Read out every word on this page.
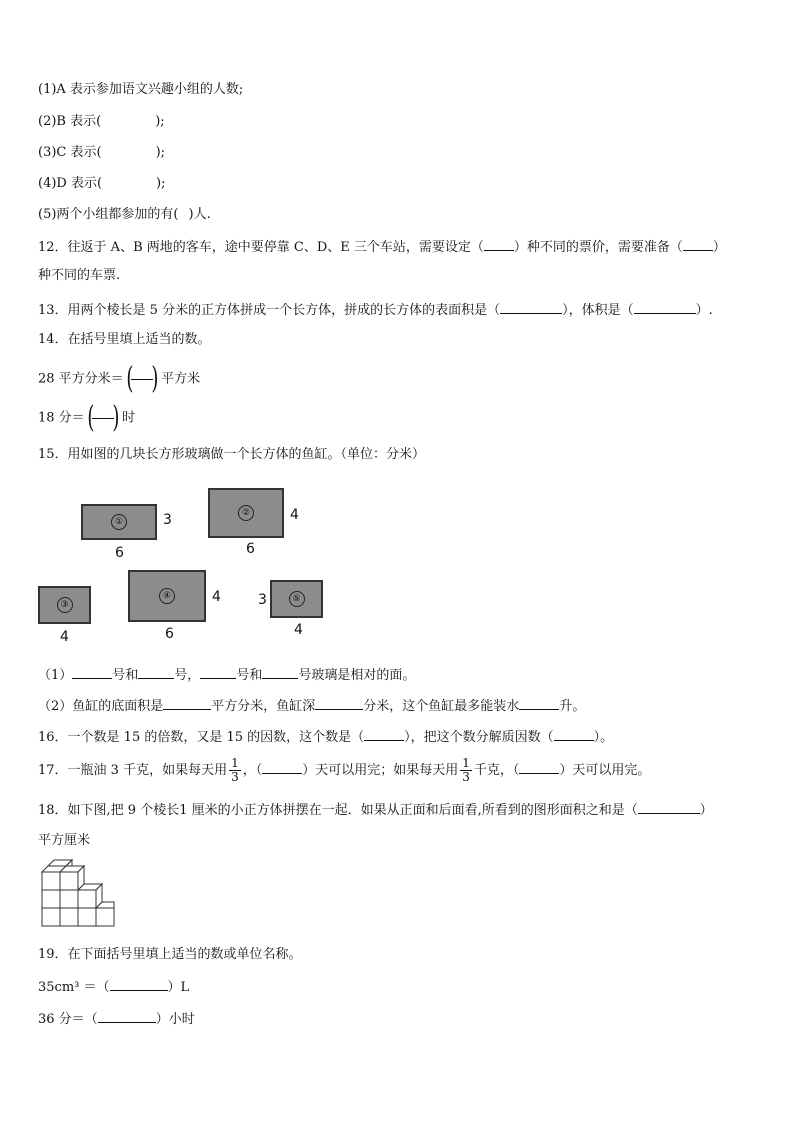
(1)A 表示参加语文兴趣小组的人数;
(2)B 表示(	);
(3)C 表示(	);
(4)D 表示(	);
(5)两个小组都参加的有( )人.
12．往返于 A、B 两地的客车，途中要停靠 C、D、E 三个车站，需要设定（ ）种不同的票价，需要准备（ ）
种不同的车票.
13．用两个棱长是 5 分米的正方体拼成一个长方体，拼成的长方体的表面积是（	），体积是（	）.
14．在括号里填上适当的数。
28 平方分米＝( ) 平方米
18 分＝( ) 时
15．用如图的几块长方形玻璃做一个长方体的鱼缸。（单位：分米）
①	3
6
②	4
6
③
4
④	4
6
⑤
3
4
（1）	号和	号，	号和	号玻璃是相对的面。
（2）鱼缸的底面积是	平方分米，鱼缸深	分米，这个鱼缸最多能装水	升。
16．一个数是 15 的倍数，又是 15 的因数，这个数是（	），把这个数分解质因数（	）。
17．一瓶油 3 千克，如果每天用 $\frac{1}{3}$ ，（	）天可以用完；如果每天用 $\frac{1}{3}$ 千克，（	）天可以用完。
18．如下图,把 9 个棱长1 厘米的小正方体拼摆在一起．如果从正面和后面看,所看到的图形面积之和是（	）
平方厘米
19．在下面括号里填上适当的数或单位名称。
35cm³ ＝（	）L
36 分＝（	）小时
